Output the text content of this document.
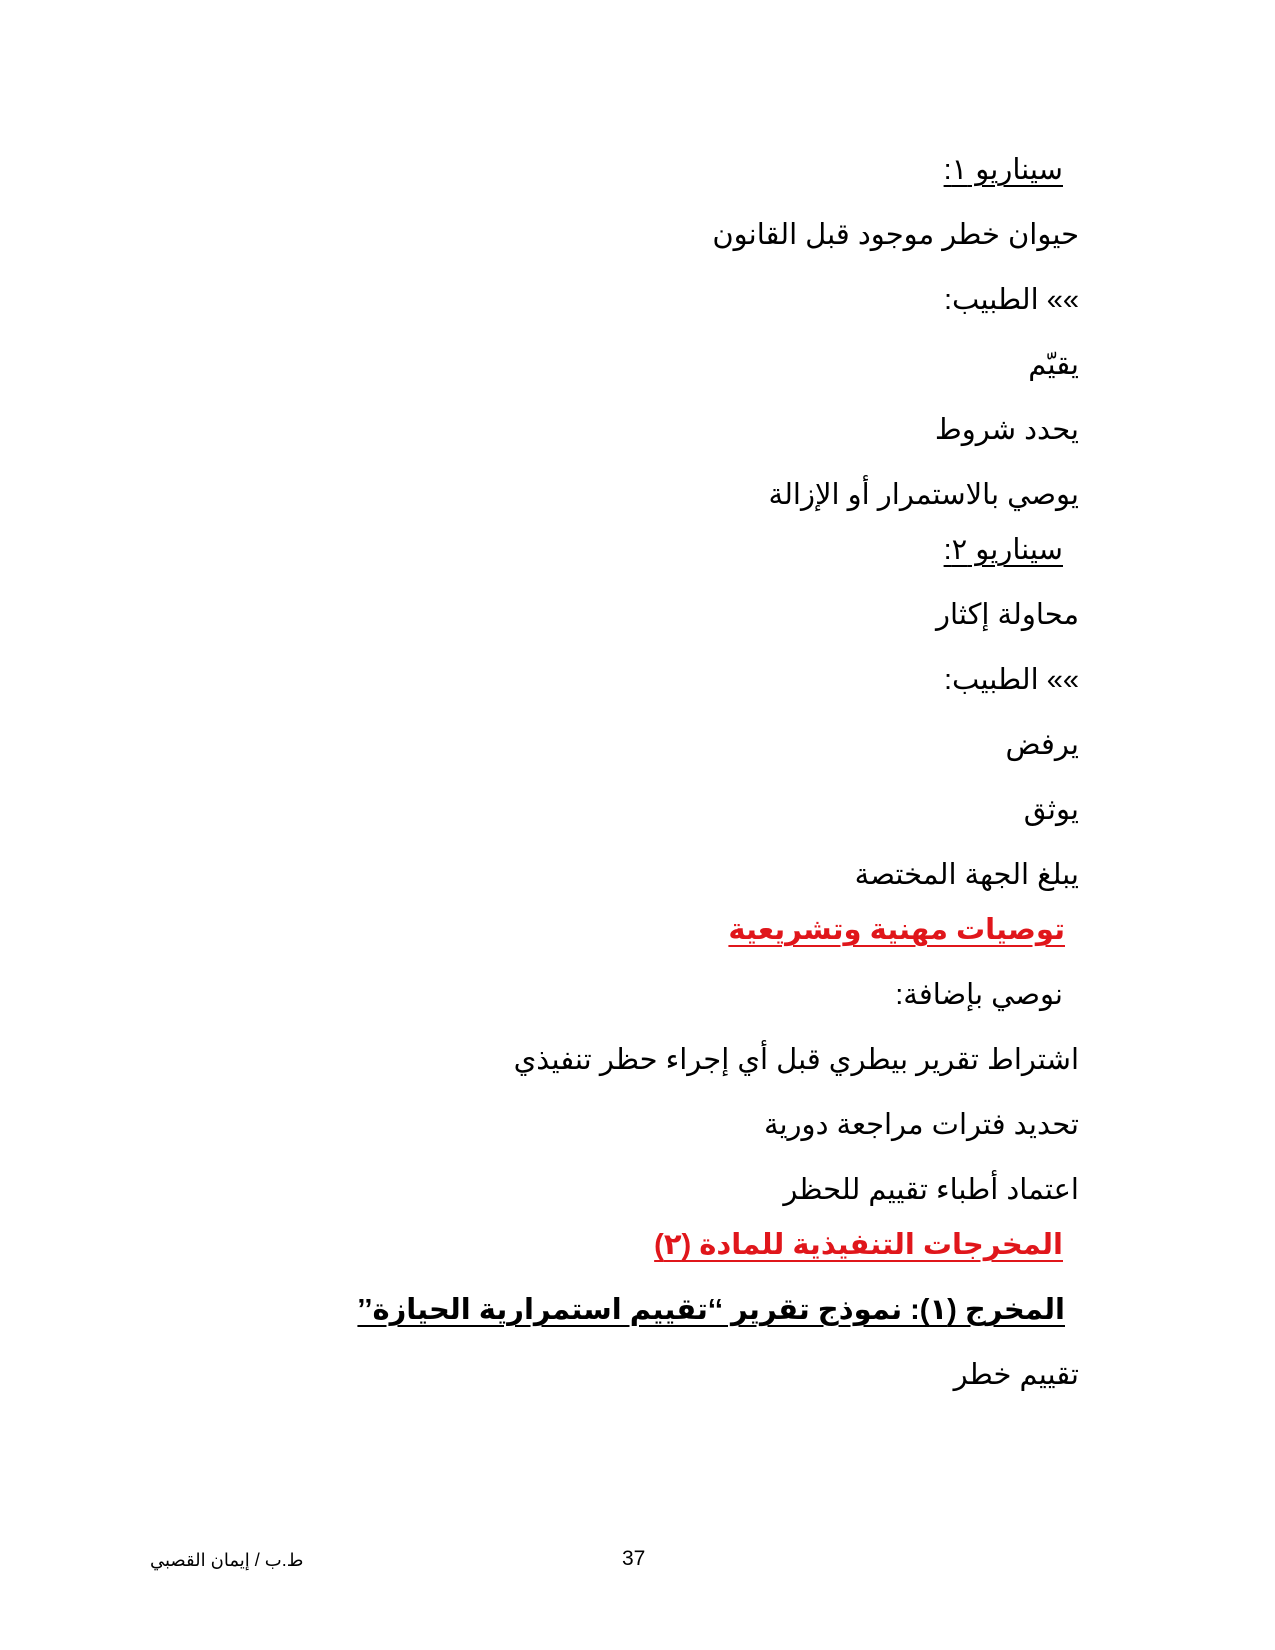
سيناريو ١:
حيوان خطر موجود قبل القانون
»» الطبيب:
يقيّم
يحدد شروط
يوصي بالاستمرار أو الإزالة
سيناريو ٢:
محاولة إكثار
»» الطبيب:
يرفض
يوثق
يبلغ الجهة المختصة
توصيات مهنية وتشريعية
نوصي بإضافة:
اشتراط تقرير بيطري قبل أي إجراء حظر تنفيذي
تحديد فترات مراجعة دورية
اعتماد أطباء تقييم للحظر
المخرجات التنفيذية للمادة (٢)
المخرج (١): نموذج تقرير ‘‘تقييم استمرارية الحيازة’’
تقييم خطر
ط.ب / إيمان القصبي	37
